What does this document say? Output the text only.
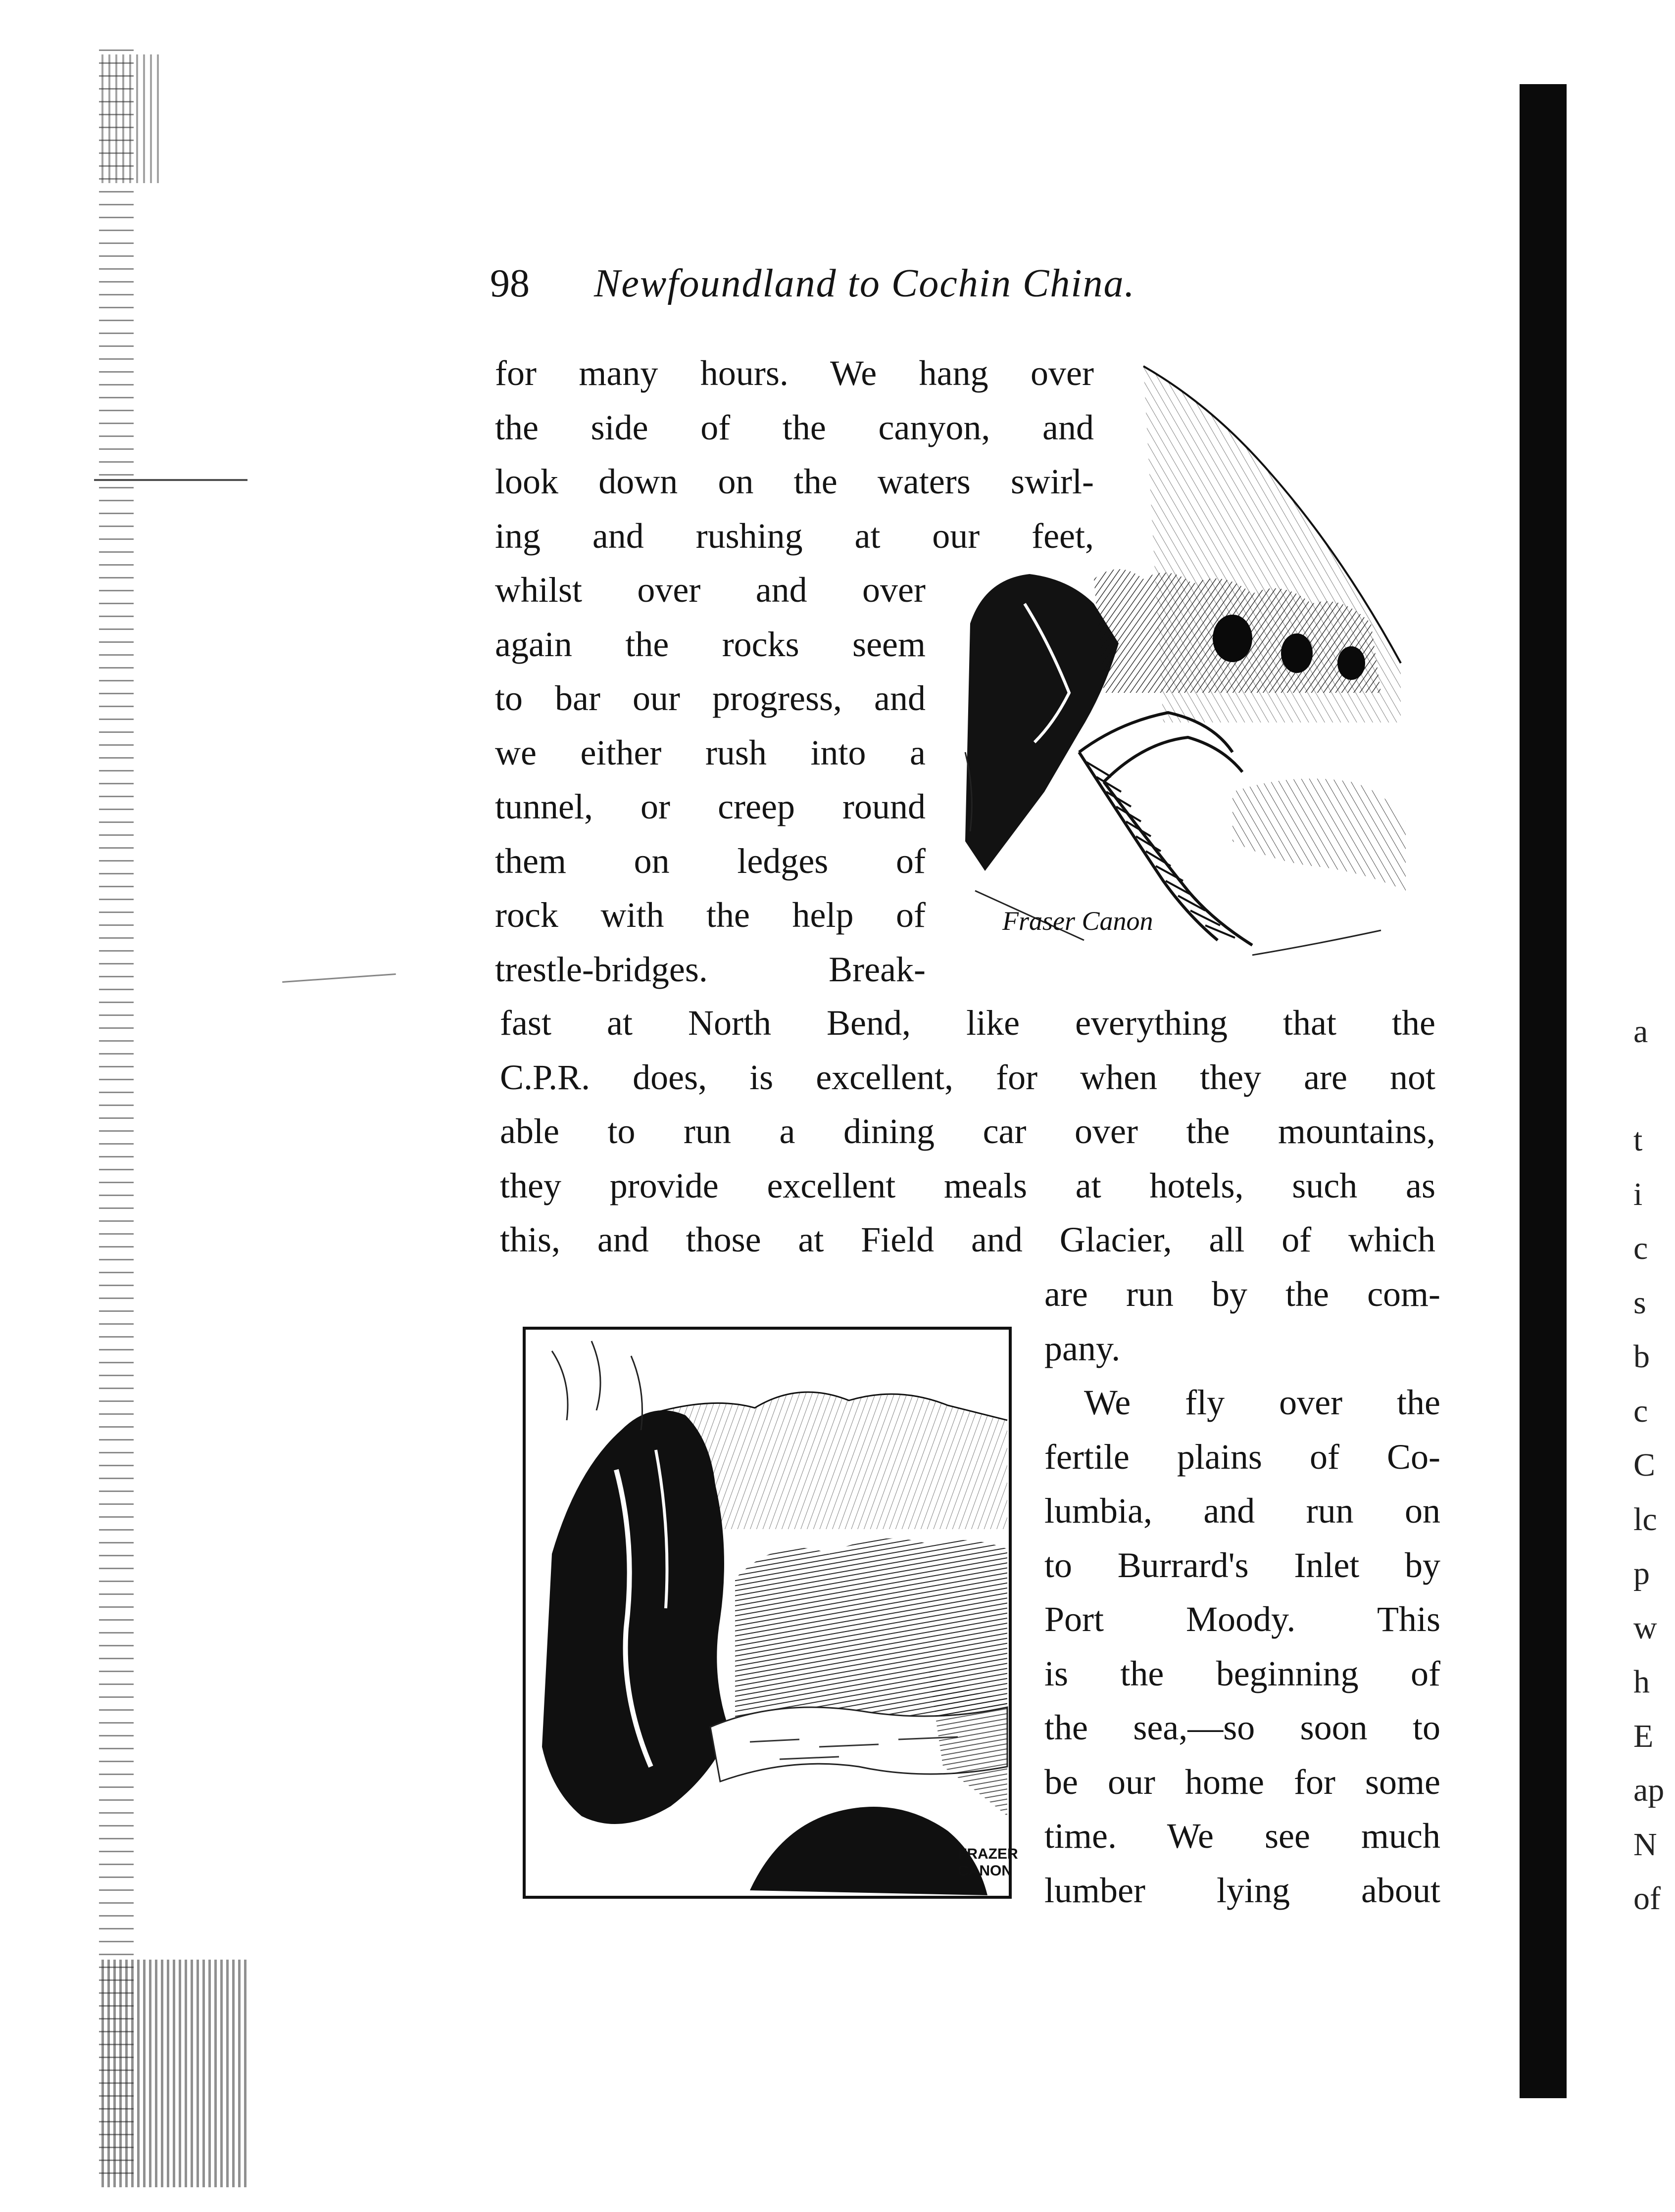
a
t
i
c
s
b
c
C
lc
p
w
h
E
ap
N
of
98 Newfoundland to Cochin China.
for many hours. We hang over
the side of the canyon, and
look down on the waters swirl-
ing and rushing at our feet,
whilst over and over
again the rocks seem
to bar our progress, and
we either rush into a
tunnel, or creep round
them on ledges of
rock with the help of
trestle-bridges. Break-
fast at North Bend, like everything that the
C.P.R. does, is excellent, for when they are not
able to run a dining car over the mountains,
they provide excellent meals at hotels, such as
this, and those at Field and Glacier, all of which
are run by the com-
pany.
We fly over the
fertile plains of Co-
lumbia, and run on
to Burrard's Inlet by
Port Moody. This
is the beginning of
the sea,—so soon to
be our home for some
time. We see much
lumber lying about
Fraser Canon
FRAZER
CANON
